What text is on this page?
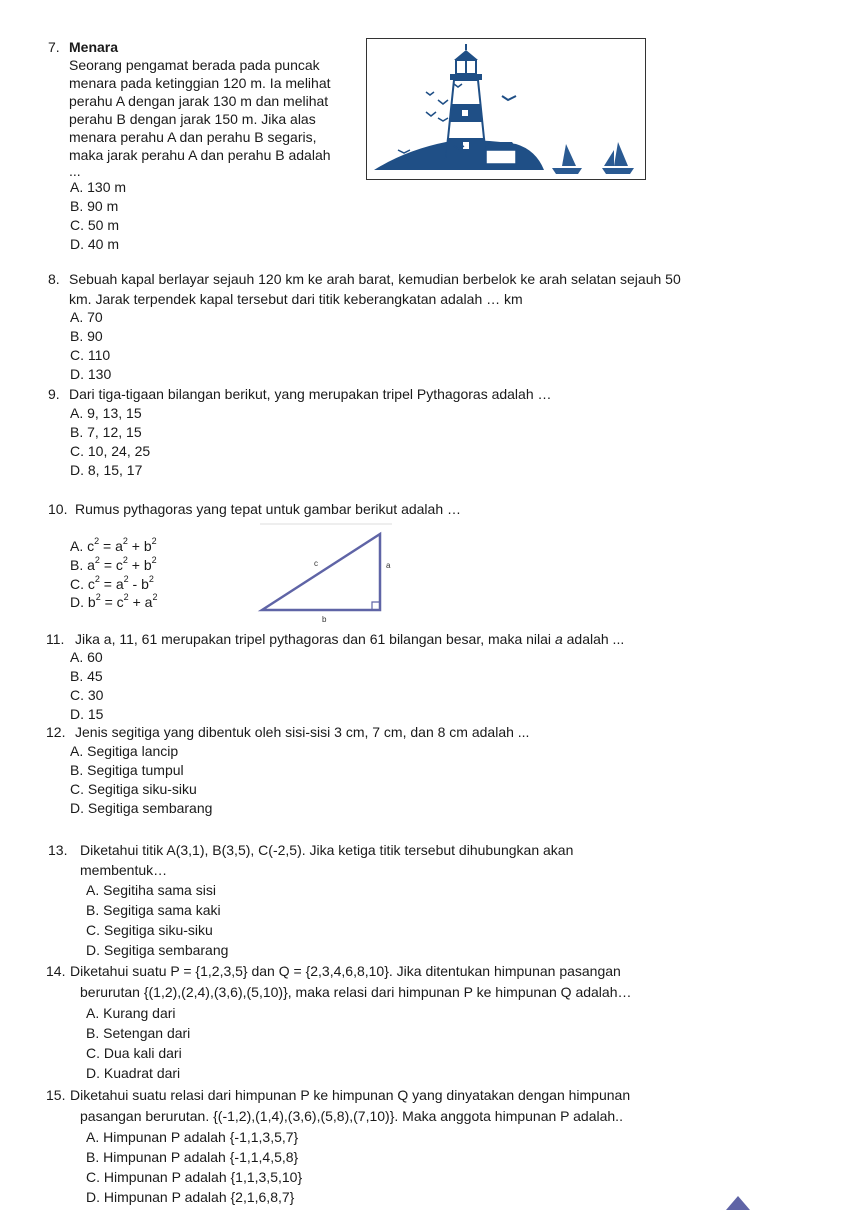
7. Menara
Seorang pengamat berada pada puncak
menara pada ketinggian 120 m. Ia melihat
perahu A dengan jarak 130 m dan melihat
perahu B dengan jarak 150 m. Jika alas
menara perahu A dan perahu B segaris,
maka jarak perahu A dan perahu B adalah
...
A. 130 m
B. 90 m
C. 50 m
D. 40 m
8. Sebuah kapal berlayar sejauh 120 km ke arah barat, kemudian berbelok ke arah selatan sejauh 50
km. Jarak terpendek kapal tersebut dari titik keberangkatan adalah … km
A. 70
B. 90
C. 110
D. 130
9. Dari tiga-tigaan bilangan berikut, yang merupakan tripel Pythagoras adalah …
A. 9, 13, 15
B. 7, 12, 15
C. 10, 24, 25
D. 8, 15, 17
10. Rumus pythagoras yang tepat untuk gambar berikut adalah …
A. $c^2 = a^2 + b^2$
B. $a^2 = c^2 + b^2$
C. $c^2 = a^2 - b^2$
D. $b^2 = c^2 + a^2$
c	a
b
11. Jika a, 11, 61 merupakan tripel pythagoras dan 61 bilangan besar, maka nilai a adalah ...
A. 60
B. 45
C. 30
D. 15
12. Jenis segitiga yang dibentuk oleh sisi-sisi 3 cm, 7 cm, dan 8 cm adalah ...
A. Segitiga lancip
B. Segitiga tumpul
C. Segitiga siku-siku
D. Segitiga sembarang
13. Diketahui titik A(3,1), B(3,5), C(-2,5). Jika ketiga titik tersebut dihubungkan akan
membentuk…
A. Segitiha sama sisi
B. Segitiga sama kaki
C. Segitiga siku-siku
D. Segitiga sembarang
14. Diketahui suatu P = {1,2,3,5} dan Q = {2,3,4,6,8,10}. Jika ditentukan himpunan pasangan
berurutan {(1,2),(2,4),(3,6),(5,10)}, maka relasi dari himpunan P ke himpunan Q adalah…
A. Kurang dari
B. Setengan dari
C. Dua kali dari
D. Kuadrat dari
15. Diketahui suatu relasi dari himpunan P ke himpunan Q yang dinyatakan dengan himpunan
pasangan berurutan. {(-1,2),(1,4),(3,6),(5,8),(7,10)}. Maka anggota himpunan P adalah..
A. Himpunan P adalah {-1,1,3,5,7}
B. Himpunan P adalah {-1,1,4,5,8}
C. Himpunan P adalah {1,1,3,5,10}
D. Himpunan P adalah {2,1,6,8,7}
